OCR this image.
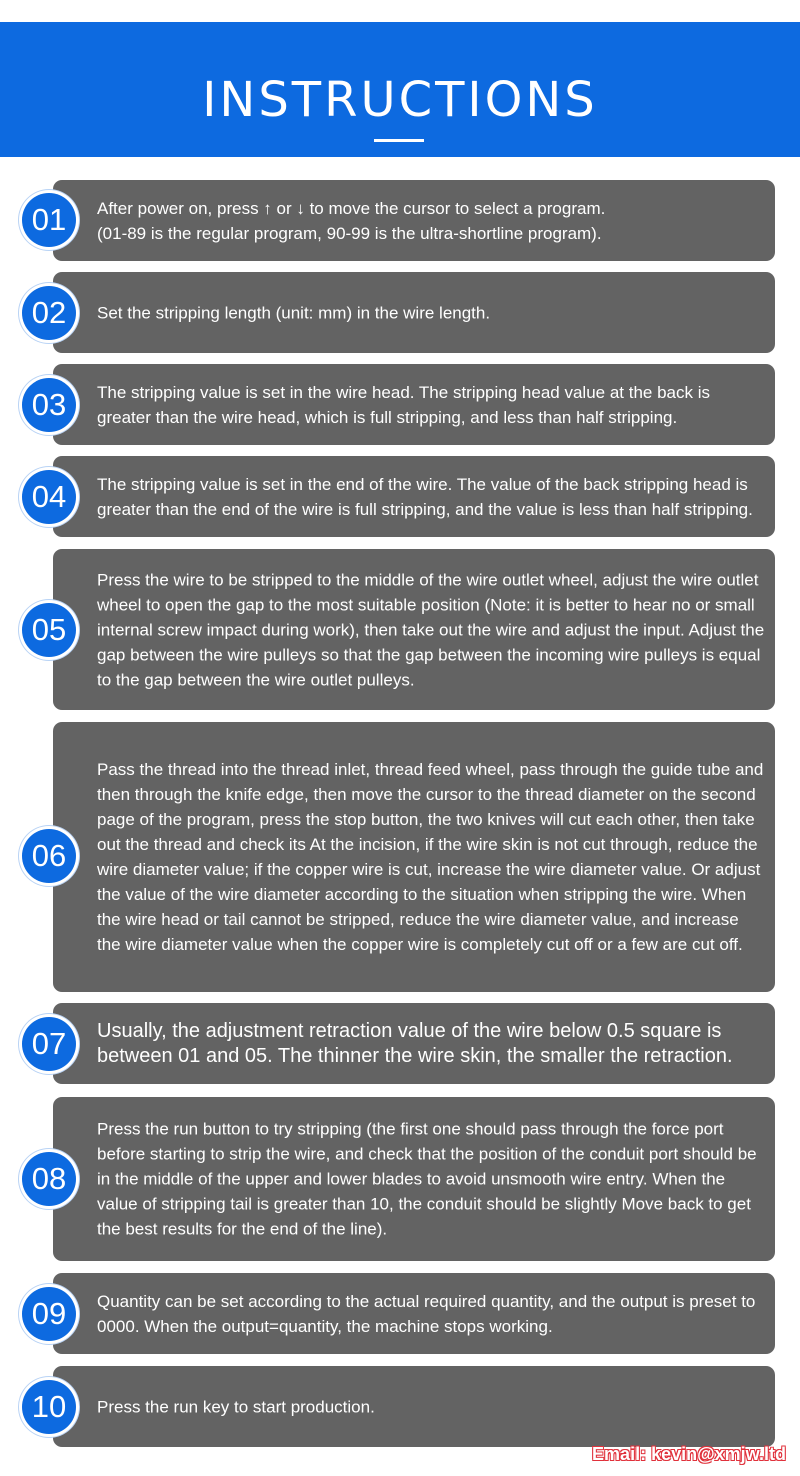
INSTRUCTIONS
After power on, press ↑ or ↓ to move the cursor to select a program.
(01-89 is the regular program, 90-99 is the ultra-shortline program).
01
Set the stripping length (unit: mm) in the wire length.
02
The stripping value is set in the wire head. The stripping head value at the back is greater than the wire head, which is full stripping, and less than half stripping.
03
The stripping value is set in the end of the wire. The value of the back stripping head is greater than the end of the wire is full stripping, and the value is less than half stripping.
04
Press the wire to be stripped to the middle of the wire outlet wheel, adjust the wire outlet wheel to open the gap to the most suitable position (Note: it is better to hear no or small internal screw impact during work), then take out the wire and adjust the input. Adjust the gap between the wire pulleys so that the gap between the incoming wire pulleys is equal to the gap between the wire outlet pulleys.
05
Pass the thread into the thread inlet, thread feed wheel, pass through the guide tube and then through the knife edge, then move the cursor to the thread diameter on the second page of the program, press the stop button, the two knives will cut each other, then take out the thread and check its At the incision, if the wire skin is not cut through, reduce the wire diameter value; if the copper wire is cut, increase the wire diameter value. Or adjust the value of the wire diameter according to the situation when stripping the wire. When the wire head or tail cannot be stripped, reduce the wire diameter value, and increase the wire diameter value when the copper wire is completely cut off or a few are cut off.
06
Usually, the adjustment retraction value of the wire below 0.5 square is between 01 and 05. The thinner the wire skin, the smaller the retraction.
07
Press the run button to try stripping (the first one should pass through the force port before starting to strip the wire, and check that the position of the conduit port should be in the middle of the upper and lower blades to avoid unsmooth wire entry. When the value of stripping tail is greater than 10, the conduit should be slightly Move back to get the best results for the end of the line).
08
Quantity can be set according to the actual required quantity, and the output is preset to 0000. When the output=quantity, the machine stops working.
09
Press the run key to start production.
10
Email: kevin@xmjw.ltd
